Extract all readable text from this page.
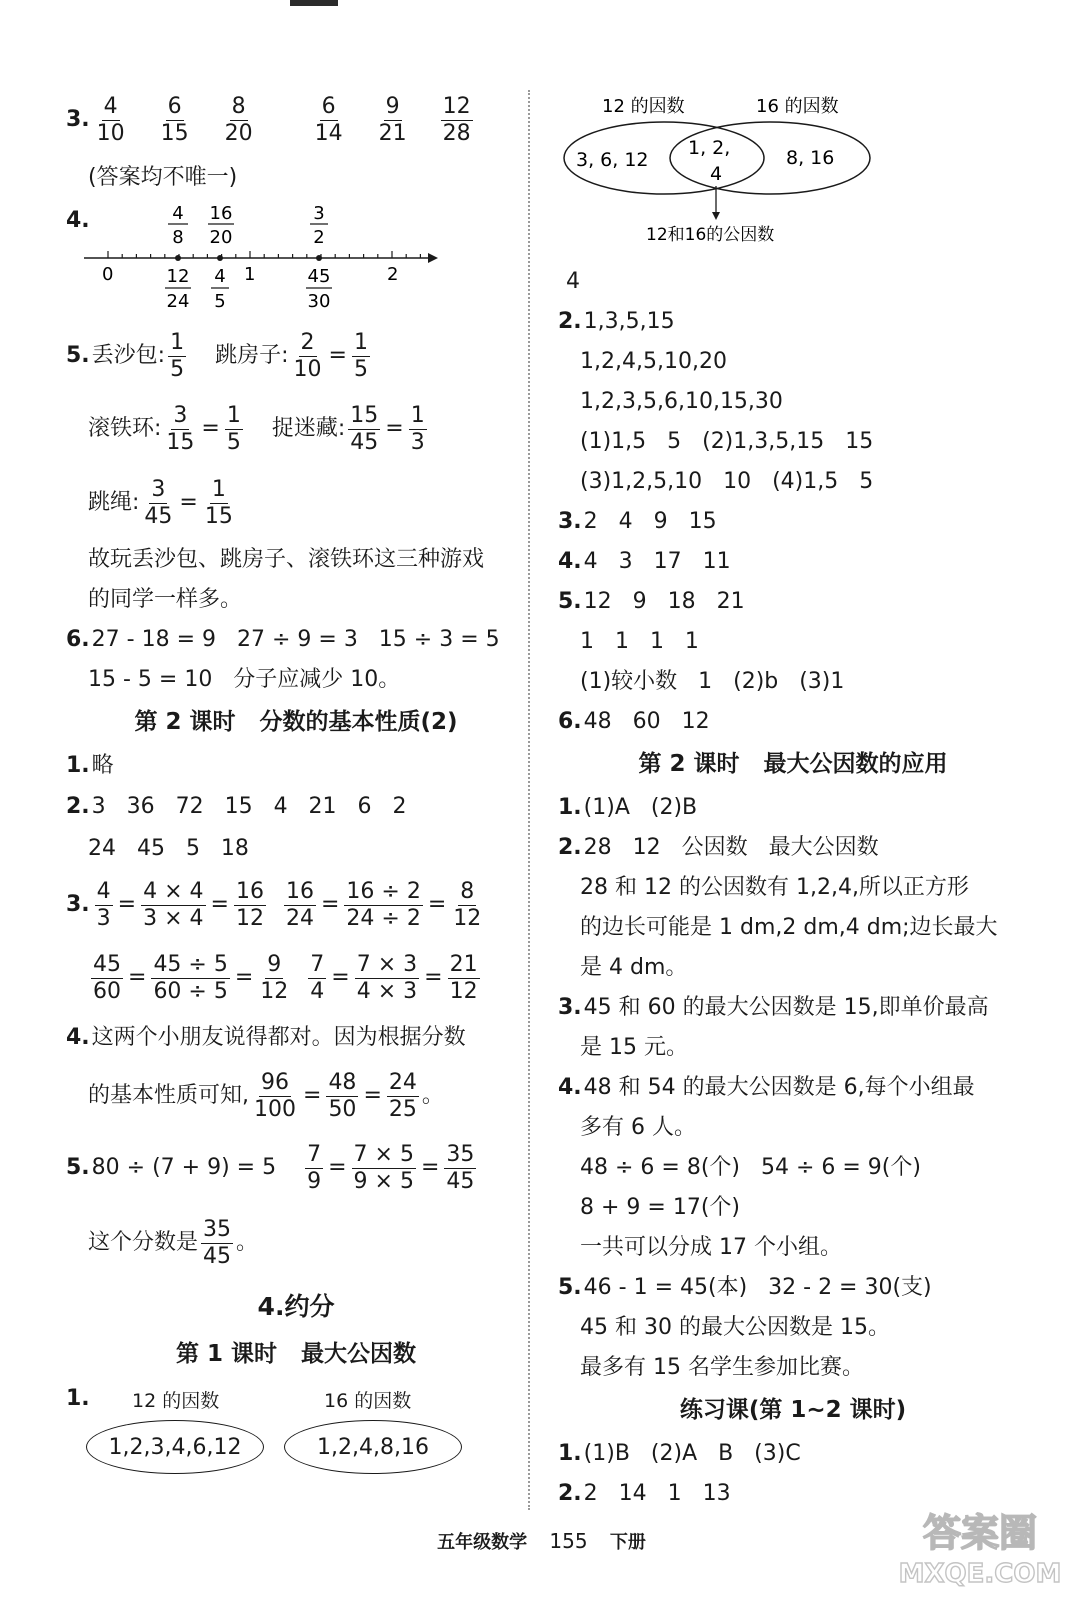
3. $\frac{4}{10} \frac{6}{15} \frac{8}{20}$	$\frac{6}{14} \frac{9}{21} \frac{12}{28}$
(答案均不唯一)
4.
0	1	2
4
8
16
20
3
2
12
24
4
5
45
30
5. 丢沙包: $\frac{1}{5}$ 跳房子: $\frac{2}{10} = \frac{1}{5}$
滚铁环: $\frac{3}{15} = \frac{1}{5}$ 捉迷藏: $\frac{15}{45} = \frac{1}{3}$
跳绳: $\frac{3}{45} = \frac{1}{15}$
故玩丢沙包、跳房子、滚铁环这三种游戏
的同学一样多。
6. 27 - 18 = 9   27 ÷ 9 = 3   15 ÷ 3 = 5
15 - 5 = 10   分子应减少 10。
第 2 课时   分数的基本性质(2)
1. 略
2. 3   36   72   15   4   21   6   2
24   45   5   18
3. $\frac{4}{3} = \frac{4 \times 4}{3 \times 4} = \frac{16}{12} \frac{16}{24} = \frac{16 \div 2}{24 \div 2} = \frac{8}{12}$
$\frac{45}{60} = \frac{45 \div 5}{60 \div 5} = \frac{9}{12} \frac{7}{4} = \frac{7 \times 3}{4 \times 3} = \frac{21}{12}$
4. 这两个小朋友说得都对。因为根据分数
的基本性质可知, $\frac{96}{100} = \frac{48}{50} = \frac{24}{25}$ 。
5. $80 \div (7 + 9) = 5 \frac{7}{9} = \frac{7 \times 5}{9 \times 5} = \frac{35}{45}$
这个分数是 $\frac{35}{45}$ 。
4.约分
第 1 课时   最大公因数
1. 12 的因数	16 的因数
1,2,3,4,6,12	1,2,4,8,16
12 的因数	16 的因数
3, 6, 12
1, 2,
4
8, 16
12和16的公因数
4
2. 1,3,5,15
1,2,4,5,10,20
1,2,3,5,6,10,15,30
(1)1,5   5   (2)1,3,5,15   15
(3)1,2,5,10   10   (4)1,5   5
3. 2   4   9   15
4. 4   3   17   11
5. 12   9   18   21
1   1   1   1
(1)较小数   1   (2)b   (3)1
6. 48   60   12
第 2 课时   最大公因数的应用
1. (1)A   (2)B
2. 28   12   公因数   最大公因数
28 和 12 的公因数有 1,2,4,所以正方形
的边长可能是 1 dm,2 dm,4 dm;边长最大
是 4 dm。
3. 45 和 60 的最大公因数是 15,即单价最高
是 15 元。
4. 48 和 54 的最大公因数是 6,每个小组最
多有 6 人。
48 ÷ 6 = 8(个)   54 ÷ 6 = 9(个)
8 + 9 = 17(个)
一共可以分成 17 个小组。
5. 46 - 1 = 45(本)   32 - 2 = 30(支)
45 和 30 的最大公因数是 15。
最多有 15 名学生参加比赛。
练习课(第 1~2 课时)
1. (1)B   (2)A   B   (3)C
2. 2   14   1   13
五年级数学 155 下册	答案圈
MXQE.COM
